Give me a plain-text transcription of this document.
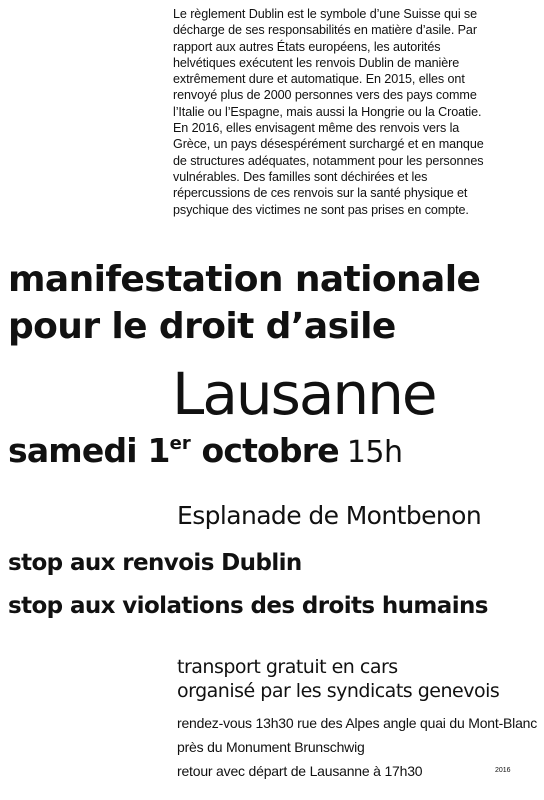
Le règlement Dublin est le symbole d’une Suisse qui se
décharge de ses responsabilités en matière d’asile. Par
rapport aux autres États européens, les autorités
helvétiques exécutent les renvois Dublin de manière
extrêmement dure et automatique. En 2015, elles ont
renvoyé plus de 2000 personnes vers des pays comme
l’Italie ou l’Espagne, mais aussi la Hongrie ou la Croatie.
En 2016, elles envisagent même des renvois vers la
Grèce, un pays désespérément surchargé et en manque
de structures adéquates, notamment pour les personnes
vulnérables. Des familles sont déchirées et les
répercussions de ces renvois sur la santé physique et
psychique des victimes ne sont pas prises en compte.
manifestation nationale
pour le droit d’asile
Lausanne
samedi 1er octobre 15h
Esplanade de Montbenon
stop aux renvois Dublin
stop aux violations des droits humains
transport gratuit en cars
organisé par les syndicats genevois
rendez-vous 13h30 rue des Alpes angle quai du Mont-Blanc
près du Monument Brunschwig
retour avec départ de Lausanne à 17h30	2016
